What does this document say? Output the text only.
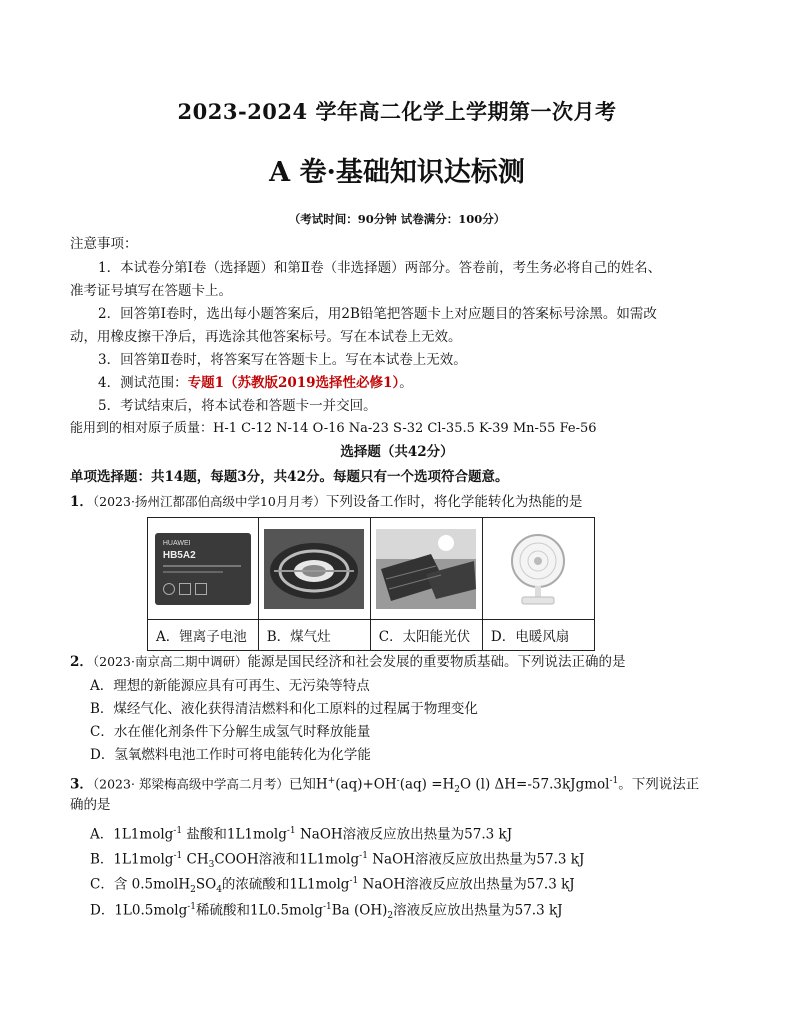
2023-2024 学年高二化学上学期第一次月考
A 卷·基础知识达标测
（考试时间：90分钟 试卷满分：100分）
注意事项：
1．本试卷分第Ⅰ卷（选择题）和第Ⅱ卷（非选择题）两部分。答卷前，考生务必将自己的姓名、
准考证号填写在答题卡上。
2．回答第Ⅰ卷时，选出每小题答案后，用2B铅笔把答题卡上对应题目的答案标号涂黑。如需改
动，用橡皮擦干净后，再选涂其他答案标号。写在本试卷上无效。
3．回答第Ⅱ卷时，将答案写在答题卡上。写在本试卷上无效。
4．测试范围：专题1（苏教版2019选择性必修1）。
5．考试结束后，将本试卷和答题卡一并交回。
能用到的相对原子质量：H-1 C-12 N-14 O-16 Na-23 S-32 Cl-35.5 K-39 Mn-55 Fe-56
选择题（共42分）
单项选择题：共14题，每题3分，共42分。每题只有一个选项符合题意。
1．（2023·扬州江都邵伯高级中学10月月考）下列设备工作时，将化学能转化为热能的是
HUAWEI
HB5A2

A．锂离子电池	B．煤气灶	C．太阳能光伏	D．电暖风扇
2．（2023·南京高二期中调研）能源是国民经济和社会发展的重要物质基础。下列说法正确的是
A．理想的新能源应具有可再生、无污染等特点
B．煤经气化、液化获得清洁燃料和化工原料的过程属于物理变化
C．水在催化剂条件下分解生成氢气时释放能量
D．氢氧燃料电池工作时可将电能转化为化学能
3．（2023· 郑梁梅高级中学高二月考）已知$H^+(aq)+OH^-(aq) =H_2O$ (l) ΔH=-57.3kJgmol$^{-1}$。下列说法正
确的是
A．1L1molg$^{-1}$ 盐酸和1L1molg$^{-1}$ NaOH溶液反应放出热量为57.3 kJ
B．1L1molg$^{-1}$ $CH_3COOH$溶液和1L1molg$^{-1}$ NaOH溶液反应放出热量为57.3 kJ
C．含 $0.5molH_2SO_4$的浓硫酸和1L1molg$^{-1}$ NaOH溶液反应放出热量为57.3 kJ
D．1L0.5molg$^{-1}$稀硫酸和1L0.5molg$^{-1}$Ba $(OH)_2$溶液反应放出热量为57.3 kJ
